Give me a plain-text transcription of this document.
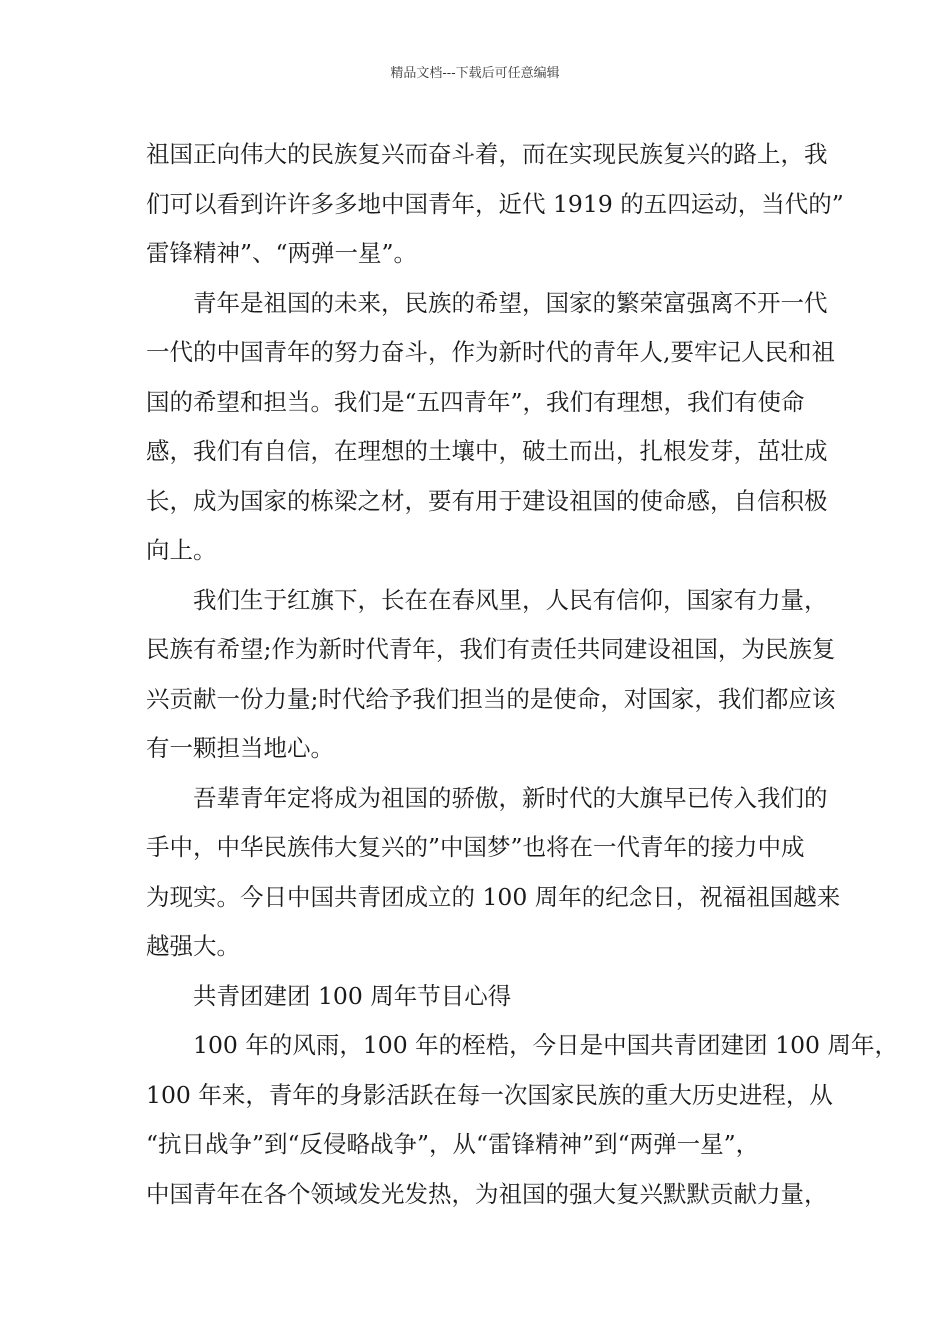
精品文档---下载后可任意编辑
祖国正向伟大的民族复兴而奋斗着，而在实现民族复兴的路上，我
们可以看到许许多多地中国青年，近代 1919 的五四运动，当代的”
雷锋精神”、“两弹一星”。
青年是祖国的未来，民族的希望，国家的繁荣富强离不开一代
一代的中国青年的努力奋斗，作为新时代的青年人,要牢记人民和祖
国的希望和担当。我们是“五四青年”，我们有理想，我们有使命
感，我们有自信，在理想的土壤中，破土而出，扎根发芽，茁壮成
长，成为国家的栋梁之材，要有用于建设祖国的使命感，自信积极
向上。
我们生于红旗下，长在在春风里，人民有信仰，国家有力量，
民族有希望;作为新时代青年，我们有责任共同建设祖国，为民族复
兴贡献一份力量;时代给予我们担当的是使命，对国家，我们都应该
有一颗担当地心。
吾辈青年定将成为祖国的骄傲，新时代的大旗早已传入我们的
手中，中华民族伟大复兴的”中国梦”也将在一代青年的接力中成
为现实。今日中国共青团成立的 100 周年的纪念日，祝福祖国越来
越强大。
共青团建团 100 周年节目心得
100 年的风雨，100 年的桎梏，今日是中国共青团建团 100 周年，
100 年来，青年的身影活跃在每一次国家民族的重大历史进程，从
“抗日战争”到“反侵略战争”，从“雷锋精神”到“两弹一星”，
中国青年在各个领域发光发热，为祖国的强大复兴默默贡献力量，
